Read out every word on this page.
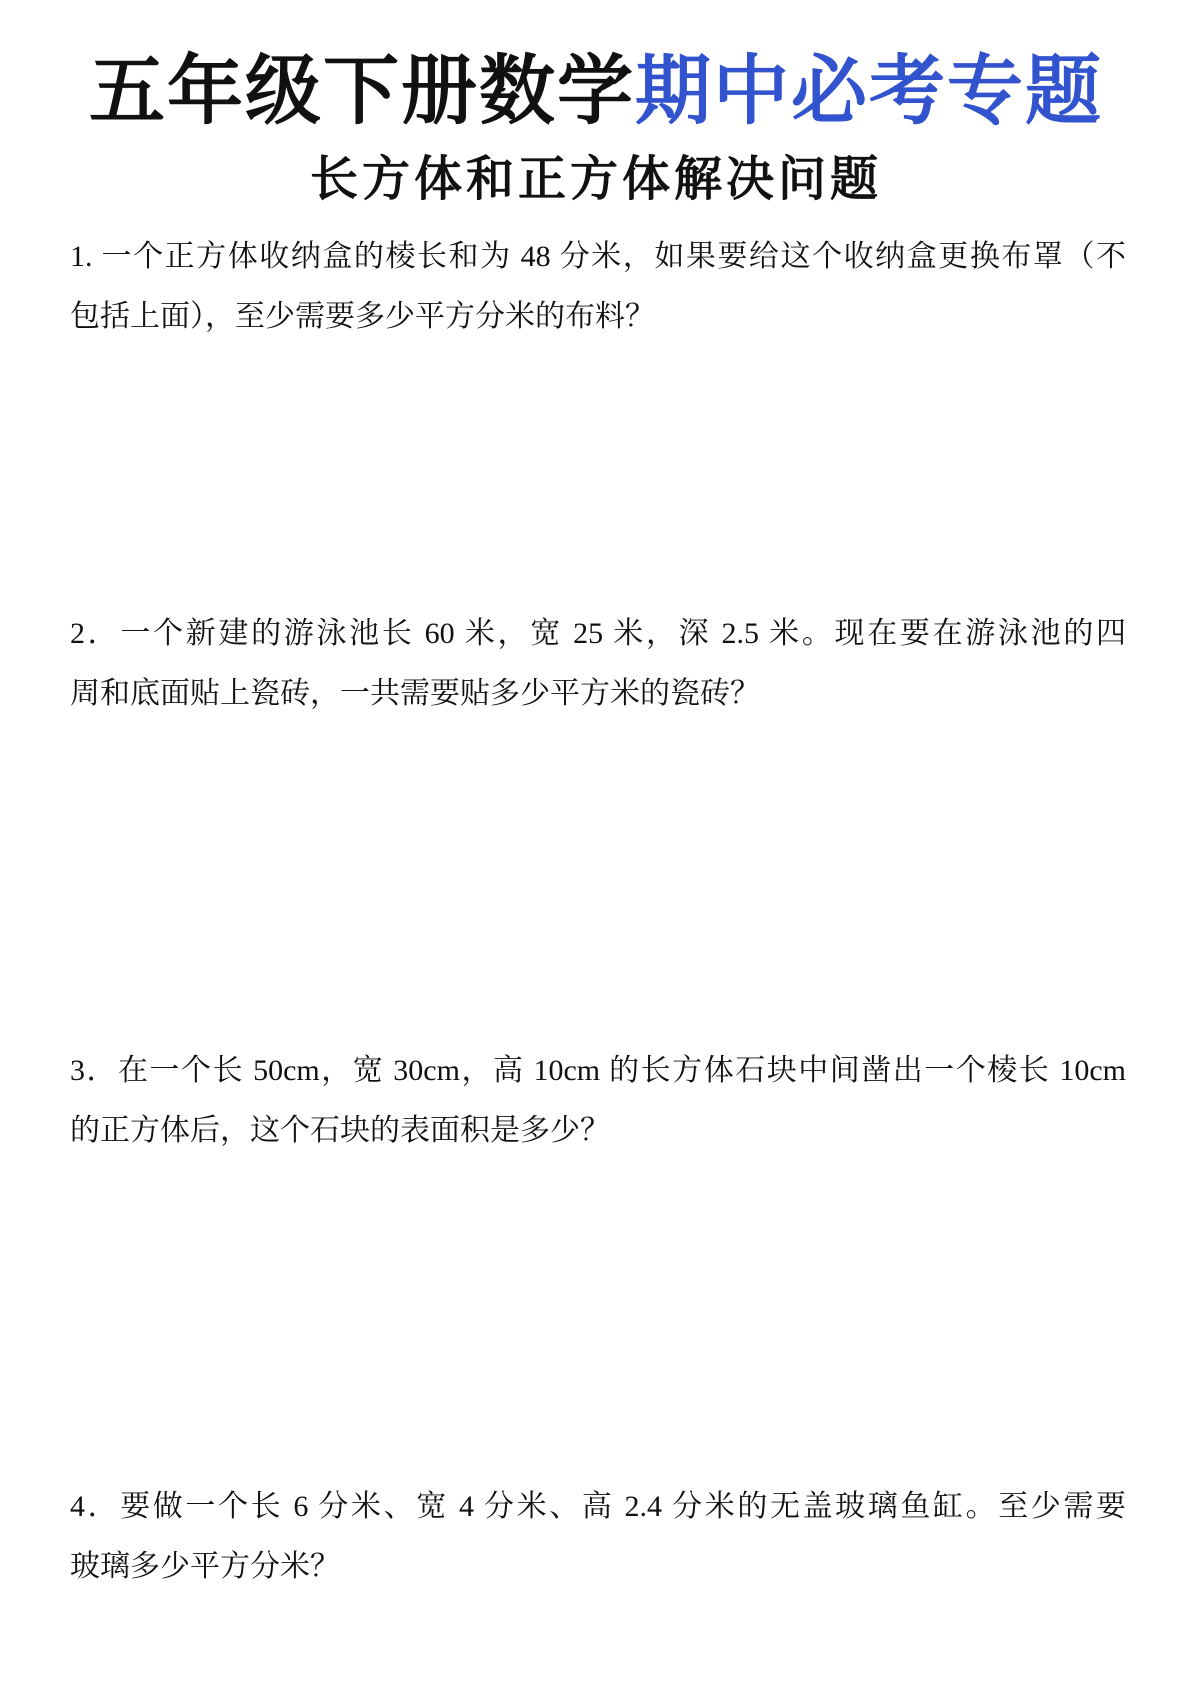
五年级下册数学期中必考专题
长方体和正方体解决问题
1. 一个正方体收纳盒的棱长和为 48 分米，如果要给这个收纳盒更换布罩（不
包括上面），至少需要多少平方分米的布料？
2．一个新建的游泳池长 60 米，宽 25 米，深 2.5 米。现在要在游泳池的四
周和底面贴上瓷砖，一共需要贴多少平方米的瓷砖？
3．在一个长 50cm，宽 30cm，高 10cm 的长方体石块中间凿出一个棱长 10cm
的正方体后，这个石块的表面积是多少？
4．要做一个长 6 分米、宽 4 分米、高 2.4 分米的无盖玻璃鱼缸。至少需要
玻璃多少平方分米？
